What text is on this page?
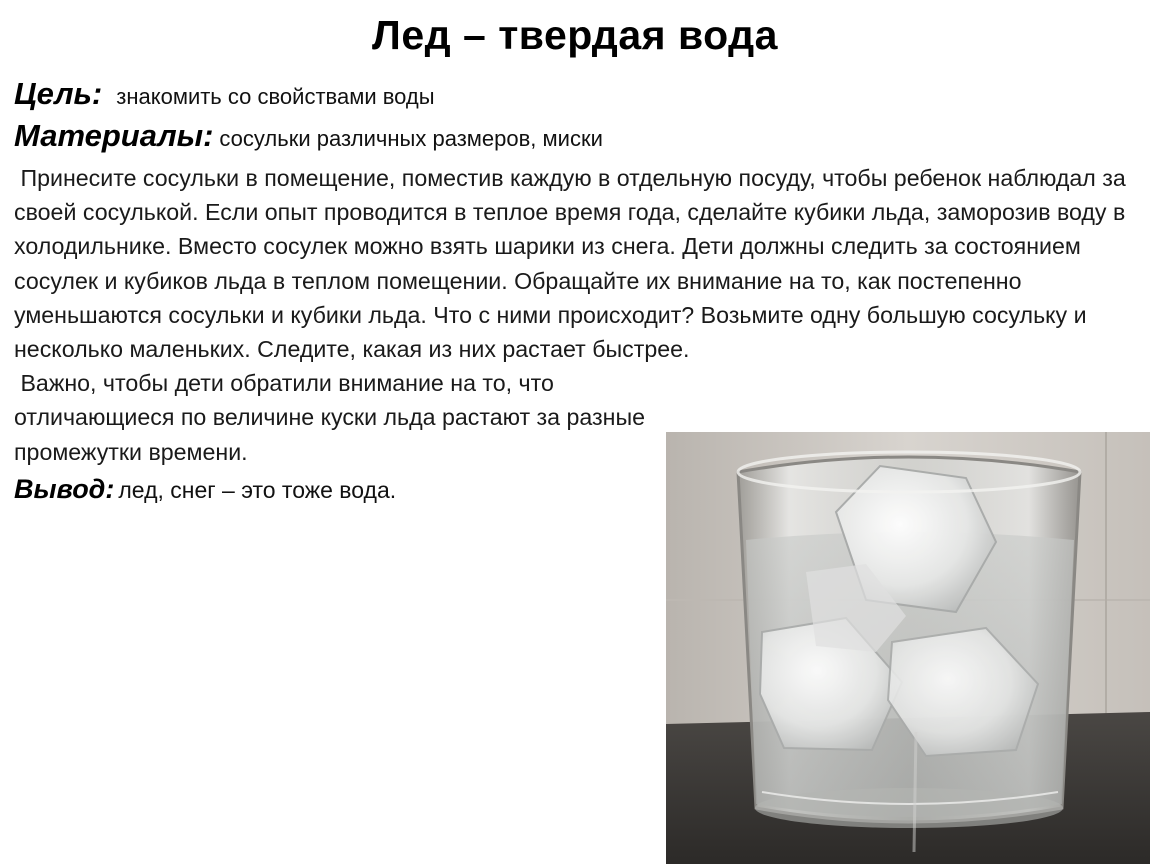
Лед – твердая вода
Цель: знакомить со свойствами воды
Материалы: сосульки различных размеров, миски

Принесите сосульки в помещение, поместив каждую в отдельную посуду, чтобы ребенок наблюдал за своей сосулькой. Если опыт проводится в теплое время года, сделайте кубики льда, заморозив воду в холодильнике. Вместо сосулек можно взять шарики из снега. Дети должны следить за состоянием сосулек и кубиков льда в теплом помещении. Обращайте их внимание на то, как постепенно уменьшаются сосульки и кубики льда. Что с ними происходит? Возьмите одну большую сосульку и несколько маленьких. Следите, какая из них растает быстрее.

Важно, чтобы дети обратили внимание на то, что отличающиеся по величине куски льда растают за разные промежутки времени.

Вывод: лед, снег – это тоже вода.
